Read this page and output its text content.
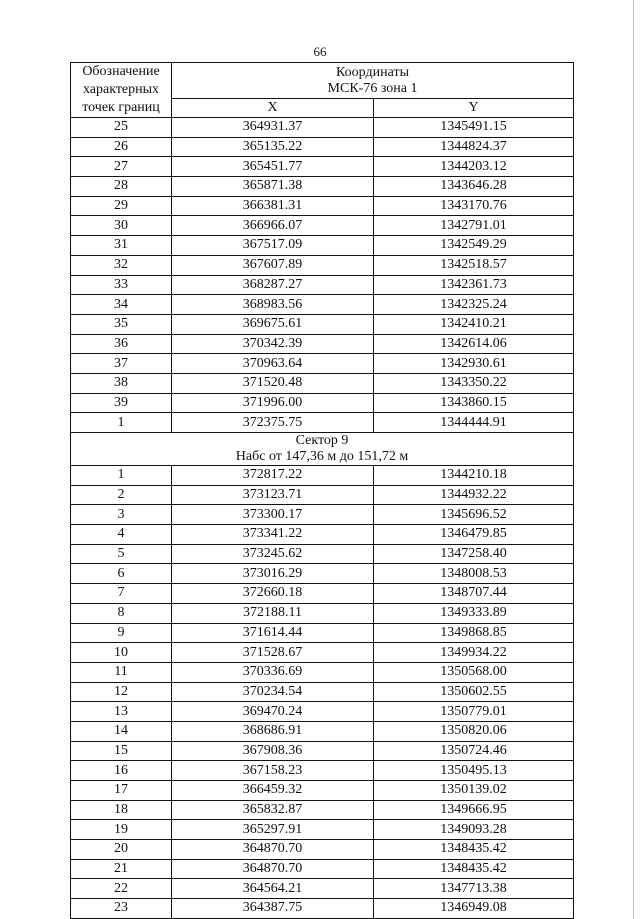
66
Обозначение
характерных
точек границ	Координаты
МСК-76 зона 1	

	X	Y
25	364931.37	1345491.15
26	365135.22	1344824.37
27	365451.77	1344203.12
28	365871.38	1343646.28
29	366381.31	1343170.76
30	366966.07	1342791.01
31	367517.09	1342549.29
32	367607.89	1342518.57
33	368287.27	1342361.73
34	368983.56	1342325.24
35	369675.61	1342410.21
36	370342.39	1342614.06
37	370963.64	1342930.61
38	371520.48	1343350.22
39	371996.00	1343860.15
1	372375.75	1344444.91

Сектор 9
Набс от 147,36 м до 151,72 м		

1	372817.22	1344210.18
2	373123.71	1344932.22
3	373300.17	1345696.52
4	373341.22	1346479.85
5	373245.62	1347258.40
6	373016.29	1348008.53
7	372660.18	1348707.44
8	372188.11	1349333.89
9	371614.44	1349868.85
10	371528.67	1349934.22
11	370336.69	1350568.00
12	370234.54	1350602.55
13	369470.24	1350779.01
14	368686.91	1350820.06
15	367908.36	1350724.46
16	367158.23	1350495.13
17	366459.32	1350139.02
18	365832.87	1349666.95
19	365297.91	1349093.28
20	364870.70	1348435.42
21	364870.70	1348435.42
22	364564.21	1347713.38
23	364387.75	1346949.08
